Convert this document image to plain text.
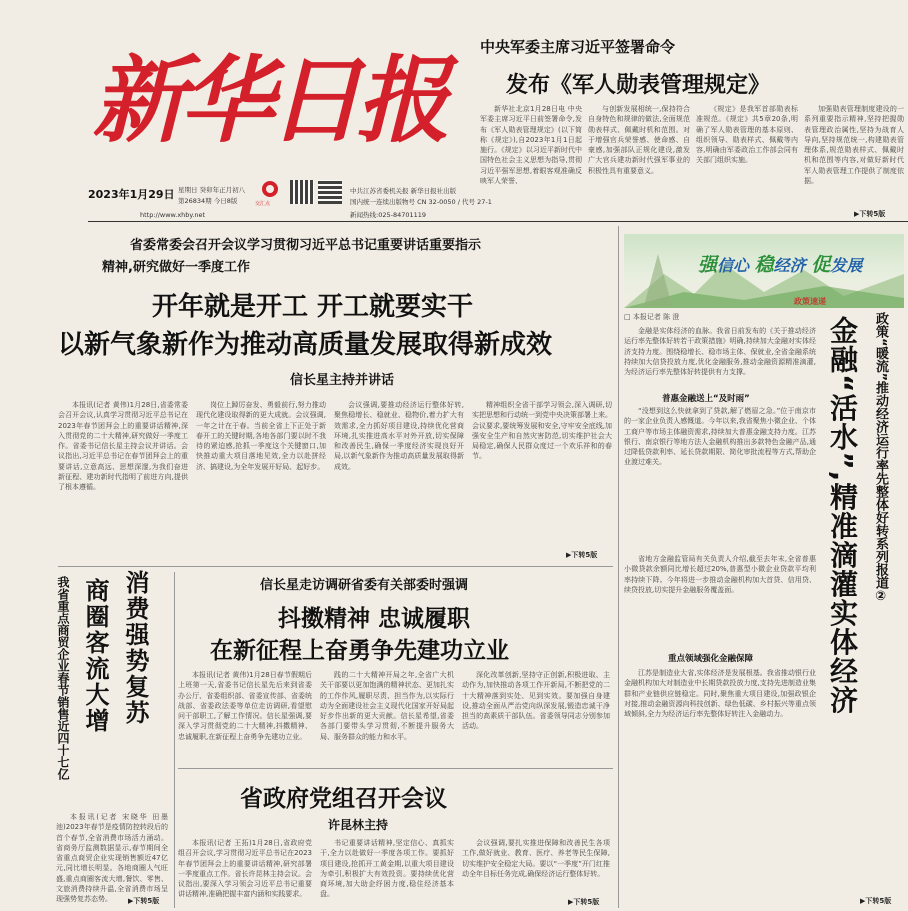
新华日报
2023年1月29日 星期日 癸卯年正月初八
第26834期 今日8版	交汇点
中共江苏省委机关报 新华日报社出版
国内统一连续出版物号 CN 32-0050 / 代号 27-1
http://www.xhby.net	新闻热线:025-84701119
中央军委主席习近平签署命令
发布《军人勋表管理规定》

新华社北京1月28日电 中央军委主席习近平日前签署命令,发布《军人勋表管理规定》(以下简称《规定》),自2023年1月1日起施行。《规定》以习近平新时代中国特色社会主义思想为指导,贯彻习近平强军思想,着眼客观准确反映军人荣誉、

与创新发展相统一,保持符合自身特色和规律的做法,全面规范勋表样式、佩戴时机和范围。对于增强官兵荣誉感、使命感、自豪感,加强部队正规化建设,激发广大官兵建功新时代强军事业的积极性具有重要意义。

《规定》是我军首部勋表标准规范。《规定》共5章20条,明确了军人勋表管理的基本原则、组织领导、勋表样式、佩戴等内容,明确由军委政治工作部会同有关部门组织实施。

加强勋表管理制度建设的一系列重要指示精神,坚持把握勋表管理政治属性,坚持为战育人导向,坚持规范统一,构建勋表管理体系,规范勋表样式、佩戴时机和范围等内容,对做好新时代军人勋表管理工作提供了制度依据。

▶下转5版
省委常委会召开会议学习贯彻习近平总书记重要讲话重要指示
精神,研究做好一季度工作
开年就是开工 开工就要实干
以新气象新作为推动高质量发展取得新成效
信长星主持并讲话

本报讯(记者 黄伟)1月28日,省委常委会召开会议,认真学习贯彻习近平总书记在2023年春节团拜会上的重要讲话精神,深入贯彻党的二十大精神,研究做好一季度工作。省委书记信长星主持会议并讲话。会议指出,习近平总书记在春节团拜会上的重要讲话,立意高远、思想深邃,为我们奋进新征程、建功新时代指明了前进方向,提供了根本遵循。

岗位上踔厉奋发、勇毅前行,努力推动现代化建设取得新的更大成就。会议强调,一年之计在于春。当前全省上下正处于新春开工的关键时期,各地各部门要以时不我待的紧迫感,抢抓一季度这个关键窗口,加快推动重大项目落地见效,全力以赴拼经济、搞建设,为全年发展开好局、起好步。

会议强调,要推动经济运行整体好转,聚焦稳增长、稳就业、稳物价,着力扩大有效需求,全力抓好项目建设,持续优化营商环境,扎实推进高水平对外开放,切实保障和改善民生,确保一季度经济实现良好开局,以新气象新作为推动高质量发展取得新成效。

精神组织全省干部学习领会,深入调研,切实把思想和行动统一到党中央决策部署上来。会议要求,要统筹发展和安全,守牢安全底线,加强安全生产和自然灾害防范,切实维护社会大局稳定,确保人民群众度过一个欢乐祥和的春节。

▶下转5版
我省重点商贸企业春节销售近四十七亿 商圈客流大增 消费强势复苏

本报讯(记者 宋晓华 田墨池)2023年春节是疫情防控转段后的首个春节,全省消费市场活力涌动。省商务厅监测数据显示,春节期间全省重点商贸企业实现销售额近47亿元,同比增长明显。各地商圈人气旺盛,重点商圈客流大增,餐饮、零售、文旅消费持续升温,全省消费市场呈现强势复苏态势。	▶下转5版
信长星走访调研省委有关部委时强调
抖擞精神 忠诚履职
在新征程上奋勇争先建功立业

本报讯(记者 黄伟)1月28日春节假期后上班第一天,省委书记信长星先后来到省委办公厅、省委组织部、省委宣传部、省委统战部、省委政法委等单位走访调研,看望慰问干部职工,了解工作情况。信长星强调,要深入学习贯彻党的二十大精神,抖擞精神、忠诚履职,在新征程上奋勇争先建功立业。

践的二十大精神开局之年,全省广大机关干部要以更加饱满的精神状态、更加扎实的工作作风,履职尽责、担当作为,以实际行动为全面建设社会主义现代化国家开好局起好步作出新的更大贡献。信长星希望,省委各部门要带头学习贯彻,不断提升服务大局、服务群众的能力和水平。

深化改革创新,坚持守正创新,积极进取、主动作为,加快推动各项工作开新局,不断把党的二十大精神落到实处、见到实效。要加强自身建设,推动全面从严治党向纵深发展,锻造忠诚干净担当的高素质干部队伍。省委领导同志分别参加活动。

省政府党组召开会议
许昆林主持

本报讯(记者 王拓)1月28日,省政府党组召开会议,学习贯彻习近平总书记在2023年春节团拜会上的重要讲话精神,研究部署一季度重点工作。省长许昆林主持会议。会议指出,要深入学习领会习近平总书记重要讲话精神,准确把握丰富内涵和实践要求。

书记重要讲话精神,坚定信心、真抓实干,全力以赴做好一季度各项工作。要抓好项目建设,抢抓开工黄金期,以重大项目建设为牵引,积极扩大有效投资。要持续优化营商环境,加大助企纾困力度,稳住经济基本盘。

会议强调,要扎实推进保障和改善民生各项工作,做好就业、教育、医疗、养老等民生保障,切实维护安全稳定大局。要以“一季度”开门红推动全年目标任务完成,确保经济运行整体好转。

▶下转5版
强信心 稳经济 促发展
政策速递
□ 本报记者 陈 澄	政策“暖流”推动经济运行率先整体好转系列报道②
金融“活水”,精准滴灌实体经济

金融是实体经济的血脉。我省日前发布的《关于推动经济运行率先整体好转若干政策措施》明确,持续加大金融对实体经济支持力度。围绕稳增长、稳市场主体、保就业,全省金融系统持续加大信贷投放力度,优化金融服务,推动金融资源精准滴灌,为经济运行率先整体好转提供有力支撑。

普惠金融送上“及时雨”

“没想到这么快就拿到了贷款,解了燃眉之急。”位于南京市的一家企业负责人感慨道。今年以来,我省聚焦小微企业、个体工商户等市场主体融资需求,持续加大普惠金融支持力度。江苏银行、南京银行等地方法人金融机构推出多款特色金融产品,通过降低贷款利率、延长贷款期限、简化审批流程等方式,帮助企业渡过难关。

省地方金融监管局有关负责人介绍,截至去年末,全省普惠小微贷款余额同比增长超过20%,普惠型小微企业贷款平均利率持续下降。今年将进一步推动金融机构加大首贷、信用贷、续贷投放,切实提升金融服务覆盖面。

重点领域强化金融保障

江苏是制造业大省,实体经济是发展根基。我省推动银行业金融机构加大对制造业中长期贷款投放力度,支持先进制造业集群和产业链供应链稳定。同时,聚焦重大项目建设,加强政银企对接,推动金融资源向科技创新、绿色低碳、乡村振兴等重点领域倾斜,全力为经济运行率先整体好转注入金融动力。

▶下转5版
